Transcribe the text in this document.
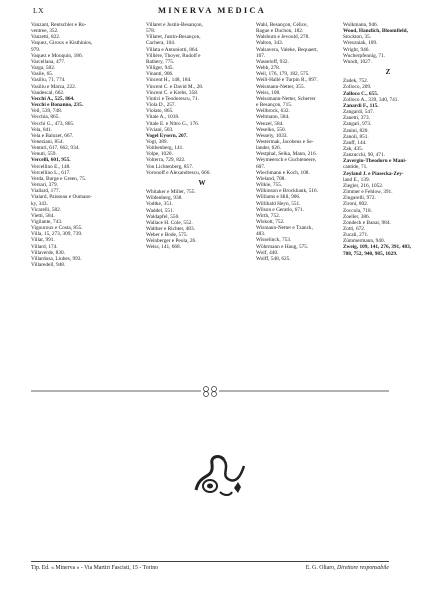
LX	MINERVA MEDICA
Vanzant, Rentschler e Ro-
ventree, 352.
Vanzetti, 822.
Vaquez, Giroux e Kisthinios,
979.
Vaquez e Mouquin, 186.
Varcellana, 477.
Varga, 582.
Vasile, 65.
Vasiliu, 71, 774.
Vasiliu e Marza, 222.
Vaudescal, 662.
Vecchi A., 525, 864.
Vecchi e Bonanno, 235.
Veil, 539, 748.
Vecchia, 865.
Vecchi G., 473, 865.
Vela, 841.
Vela e Balozet, 667.
Veneziani, 854.
Venturi, 617, 662, 934.
Venuti, 559.
Vercelli, 601, 955.
Vercellino E., 148.
Vercellino L., 617.
Verda, Burge e Green, 75.
Versari, 379.
Viallard, 177.
Vialard, Paisseau e Oumans-
ky, 343.
Vicarelli, 582.
Vietti, 584.
Vigilante, 743.
Vigouroux e Costa, 855.
Villa, 15, 273, 309, 739.
Villar, 991.
Villard, 174.
Villaverde, 830.
Villardosa, Liubes, 993.
Villaredell, 948.
Villaret e Justin-Besançon,
578.
Villaret, Justin-Besançon,
Cachera, 104.
Villata e Antoniotti, 864.
Villière, Thoyer, Rudolf e
Rathery, 775.
Villiger, 945.
Vinanti, 906.
Vincent H., 148, 184.
Vincent C. e David M., 28.
Vincent C. e Krebs, 358.
Vintici e Teodorescu, 71.
Viola D., 257.
Violato, 865.
Vitale A., 1018.
Vitale E. e Nitro G., 176.
Viviani, 503.
Vogel Eysern, 207.
Vogt, 389.
Voithenberg, 141.
Volpe, 1020.
Volterra, 729, 822.
Von Lichtenberg, 857.
Voronoff e Alexandrescu, 666.
W
Whitaker e Miller, 755.
Wildenberg, 938.
Vodtke, 351.
Waddel, 551.
Waldapfel, 550.
Wallace H. Cole, 552.
Walther e Richter, 483.
Weber e Bode, 575.
Weinberger e Peola, 26.
Weiss, 141, 668.
Wahl, Besançon, Célice,
Rague e Duchon, 182.
Walsburn e Jevould, 278.
Walton, 343.
Walsavera, Valeke, Bequaert,
107.
Wasseloff, 932.
Webb, 278.
Weil, 176, 179, 182, 575.
Weill-Hallé e Turpin R., 897.
Weismann-Netter, 355.
Weiss, 108.
Weissmann-Netter, Scherrer
e Besançon, 715.
Wellbrock, 632.
Weltmann, 584.
Wenzel, 584.
Weselko, 550.
Wessely, 1033.
Westermak, Jacobeus e Se-
lander, 626.
Westphal, Seika, Mann, 216.
Weymeersch e Guchteneere,
607.
Wiechmann e Koch, 108.
Wieland, 708.
Wilkie, 755.
Wilkinson e Brockbank, 516.
Williams e Hill, 906.
Willibald Heyn, 551.
Wilson e Geratlo, 671.
Wirth, 752.
Wiskott, 752.
Wismann-Netter e Tzanck,
483.
Wisselinck, 753.
Wöhrmann e Haug, 575.
Wolf, 440.
Wolff, 548, 625.
Wolkmann, 946.
Wood, Hanzlich, Bloomfield,
Stockton, 35.
Wreszniak, 109.
Wright, 946.
Wucherpfennig, 71.
Wundt, 1027.
Z
Zadek, 752.
Zolloco, 209.
Zolloco C., 655.
Zolloco A., 339, 340, 741.
Zanardi F., 115.
Zangardi, 547.
Zanetti, 373.
Zangari, 973.
Zanini, 820.
Zanoli, 851.
Zanff, 144.
Zak, 435.
Zanzucchi, 90, 471.
Zavergiu-Theodoru e Mani-
cantide, 71.
Zeyland J. e Piasecka-Zey-
land E., 139.
Ziegler, 216, 1052.
Zimmer e Fehlow, 391.
Zingarelli, 972.
Zironi, 802.
Zoccola, 718.
Zoeller, 386.
Zondeck e Banai, 984.
Zotti, 672.
Zucali, 271.
Zümmermann, 940.
Zweig, 109, 141, 276, 391, 483,
708, 752, 940, 985, 1029.
Tip. Ed. « Minerva » - Via Martiri Fascisti, 15 - Torino	E. G. Oliaro, Direttore responsabile
